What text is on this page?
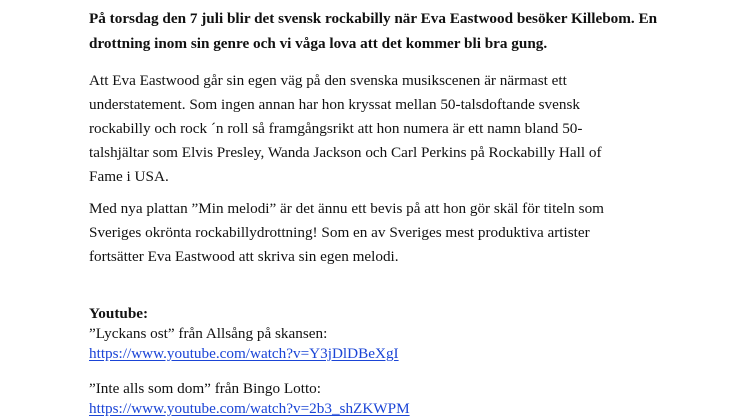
På torsdag den 7 juli blir det svensk rockabilly när Eva Eastwood besöker Killebom. En
drottning inom sin genre och vi våga lova att det kommer bli bra gung.
Att Eva Eastwood går sin egen väg på den svenska musikscenen är närmast ett
understatement. Som ingen annan har hon kryssat mellan 50-talsdoftande svensk
rockabilly och rock ´n roll så framgångsrikt att hon numera är ett namn bland 50-
talshjältar som Elvis Presley, Wanda Jackson och Carl Perkins på Rockabilly Hall of
Fame i USA.
Med nya plattan ”Min melodi” är det ännu ett bevis på att hon gör skäl för titeln som
Sveriges okrönta rockabillydrottning! Som en av Sveriges mest produktiva artister
fortsätter Eva Eastwood att skriva sin egen melodi.
Youtube:
”Lyckans ost” från Allsång på skansen:
https://www.youtube.com/watch?v=Y3jDlDBeXgI
”Inte alls som dom” från Bingo Lotto:
https://www.youtube.com/watch?v=2b3_shZKWPM
